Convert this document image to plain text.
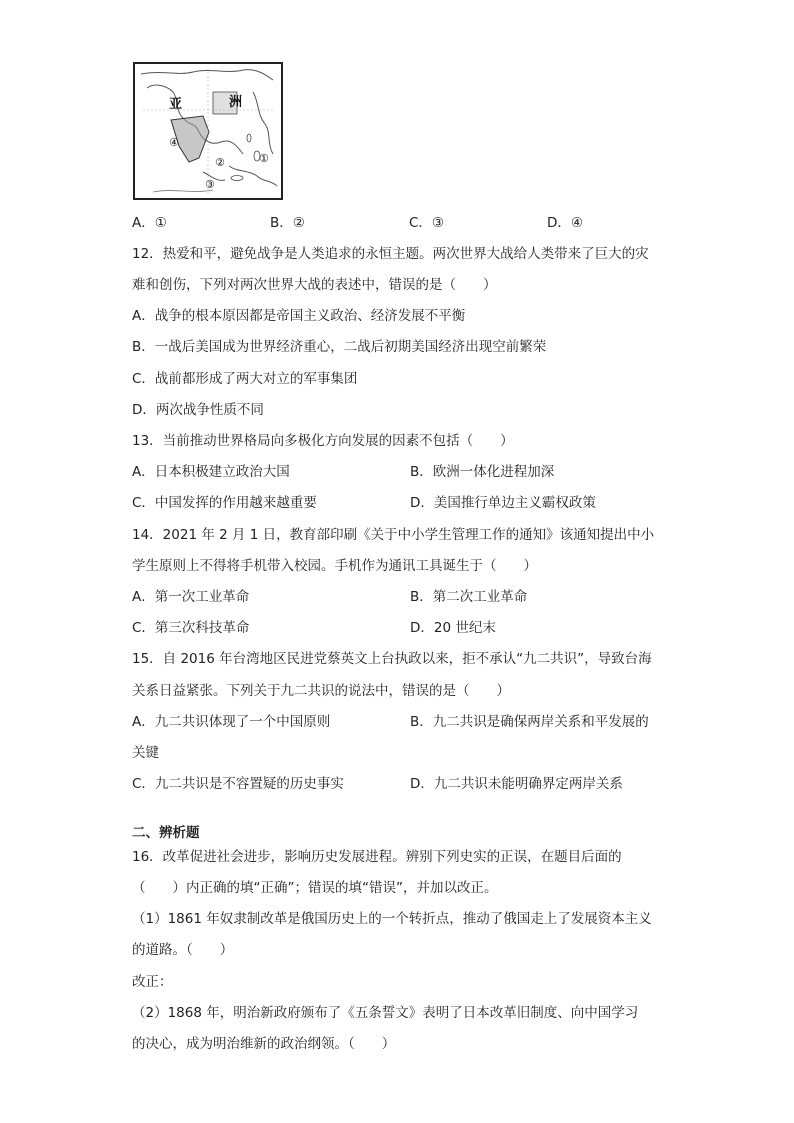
亚	洲
④
②	①
③
A．①	B．②	C．③	D．④
12．热爱和平，避免战争是人类追求的永恒主题。两次世界大战给人类带来了巨大的灾
难和创伤，下列对两次世界大战的表述中，错误的是（　　）
A．战争的根本原因都是帝国主义政治、经济发展不平衡
B．一战后美国成为世界经济重心，二战后初期美国经济出现空前繁荣
C．战前都形成了两大对立的军事集团
D．两次战争性质不同
13．当前推动世界格局向多极化方向发展的因素不包括（　　）
A．日本积极建立政治大国	B．欧洲一体化进程加深
C．中国发挥的作用越来越重要	D．美国推行单边主义霸权政策
14．2021 年 2 月 1 日，教育部印刷《关于中小学生管理工作的通知》该通知提出中小
学生原则上不得将手机带入校园。手机作为通讯工具诞生于（　　）
A．第一次工业革命	B．第二次工业革命
C．第三次科技革命	D．20 世纪末
15．自 2016 年台湾地区民进党蔡英文上台执政以来，拒不承认“九二共识”，导致台海
关系日益紧张。下列关于九二共识的说法中，错误的是（　　）
A．九二共识体现了一个中国原则	B．九二共识是确保两岸关系和平发展的
关键
C．九二共识是不容置疑的历史事实	D．九二共识未能明确界定两岸关系
二、辨析题
16．改革促进社会进步，影响历史发展进程。辨别下列史实的正误，在题目后面的
（　　）内正确的填“正确”；错误的填“错误”，并加以改正。
（1）1861 年奴隶制改革是俄国历史上的一个转折点，推动了俄国走上了发展资本主义
的道路。（　　）
改正：
（2）1868 年，明治新政府颁布了《五条誓文》表明了日本改革旧制度、向中国学习
的决心，成为明治维新的政治纲领。（　　）
